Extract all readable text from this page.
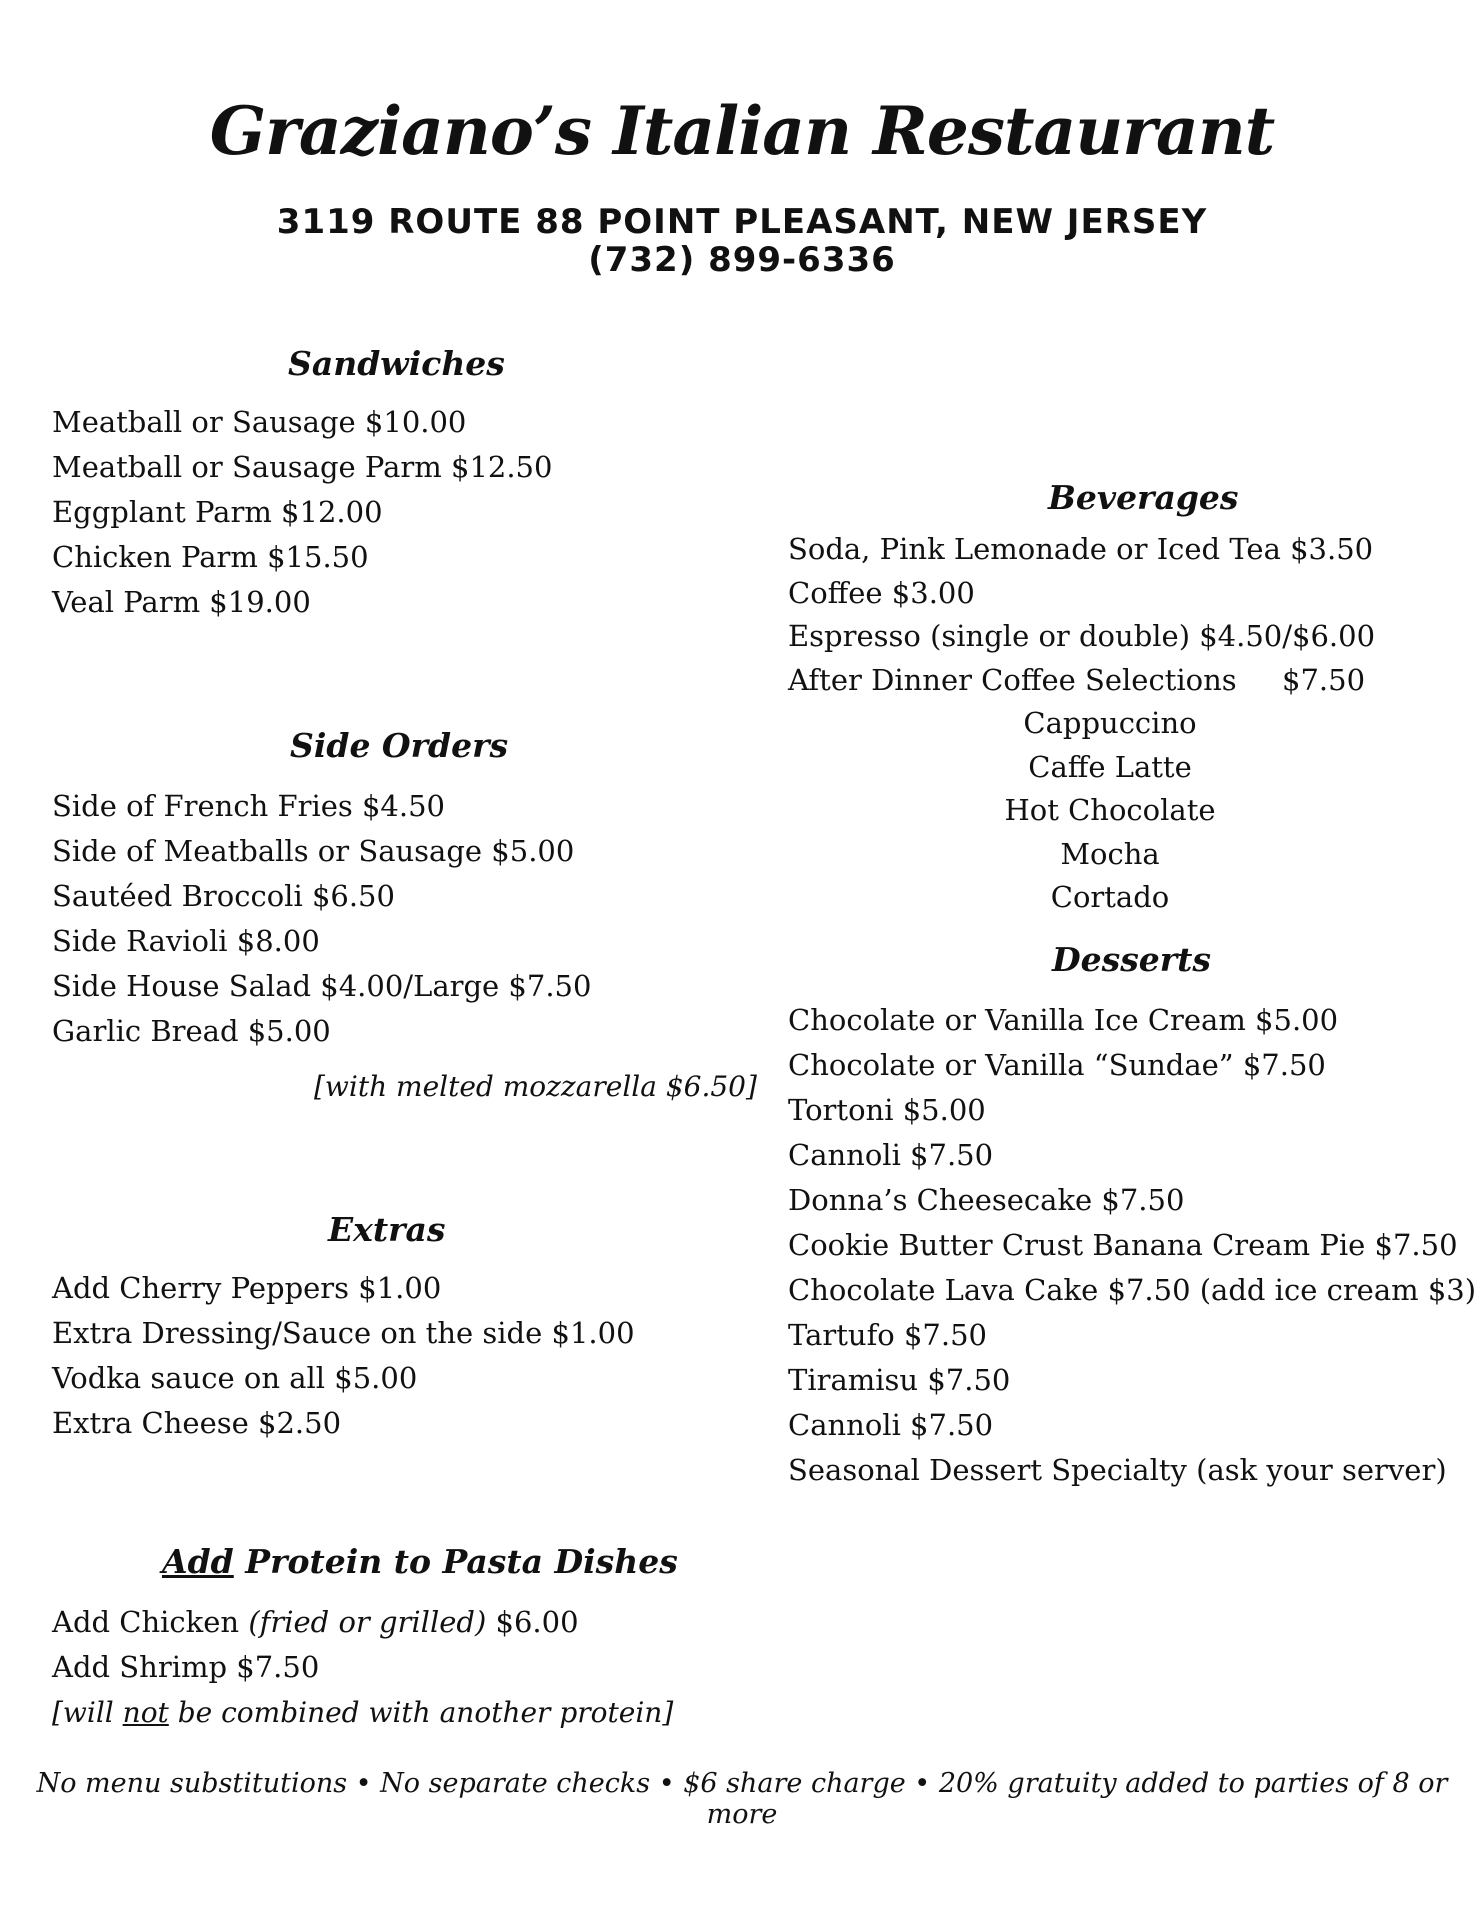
Graziano’s Italian Restaurant
3119 ROUTE 88 POINT PLEASANT, NEW JERSEY
(732) 899-6336
Sandwiches
Meatball or Sausage $10.00
Meatball or Sausage Parm $12.50
Eggplant Parm $12.00
Chicken Parm $15.50
Veal Parm $19.00
Side Orders
Side of French Fries $4.50
Side of Meatballs or Sausage $5.00
Sautéed Broccoli $6.50
Side Ravioli $8.00
Side House Salad $4.00/Large $7.50
Garlic Bread $5.00
[with melted mozzarella $6.50]
Extras
Add Cherry Peppers $1.00
Extra Dressing/Sauce on the side $1.00
Vodka sauce on all $5.00
Extra Cheese $2.50
Add Protein to Pasta Dishes
Add Chicken (fried or grilled) $6.00
Add Shrimp $7.50
[will not be combined with another protein]
Beverages
Soda, Pink Lemonade or Iced Tea $3.50
Coffee $3.00
Espresso (single or double) $4.50/$6.00
After Dinner Coffee Selections $7.50
Cappuccino
Caffe Latte
Hot Chocolate
Mocha
Cortado
Desserts
Chocolate or Vanilla Ice Cream $5.00
Chocolate or Vanilla “Sundae” $7.50
Tortoni $5.00
Cannoli $7.50
Donna’s Cheesecake $7.50
Cookie Butter Crust Banana Cream Pie $7.50
Chocolate Lava Cake $7.50 (add ice cream $3)
Tartufo $7.50
Tiramisu $7.50
Cannoli $7.50
Seasonal Dessert Specialty (ask your server)
No menu substitutions • No separate checks • $6 share charge • 20% gratuity added to parties of 8 or more
